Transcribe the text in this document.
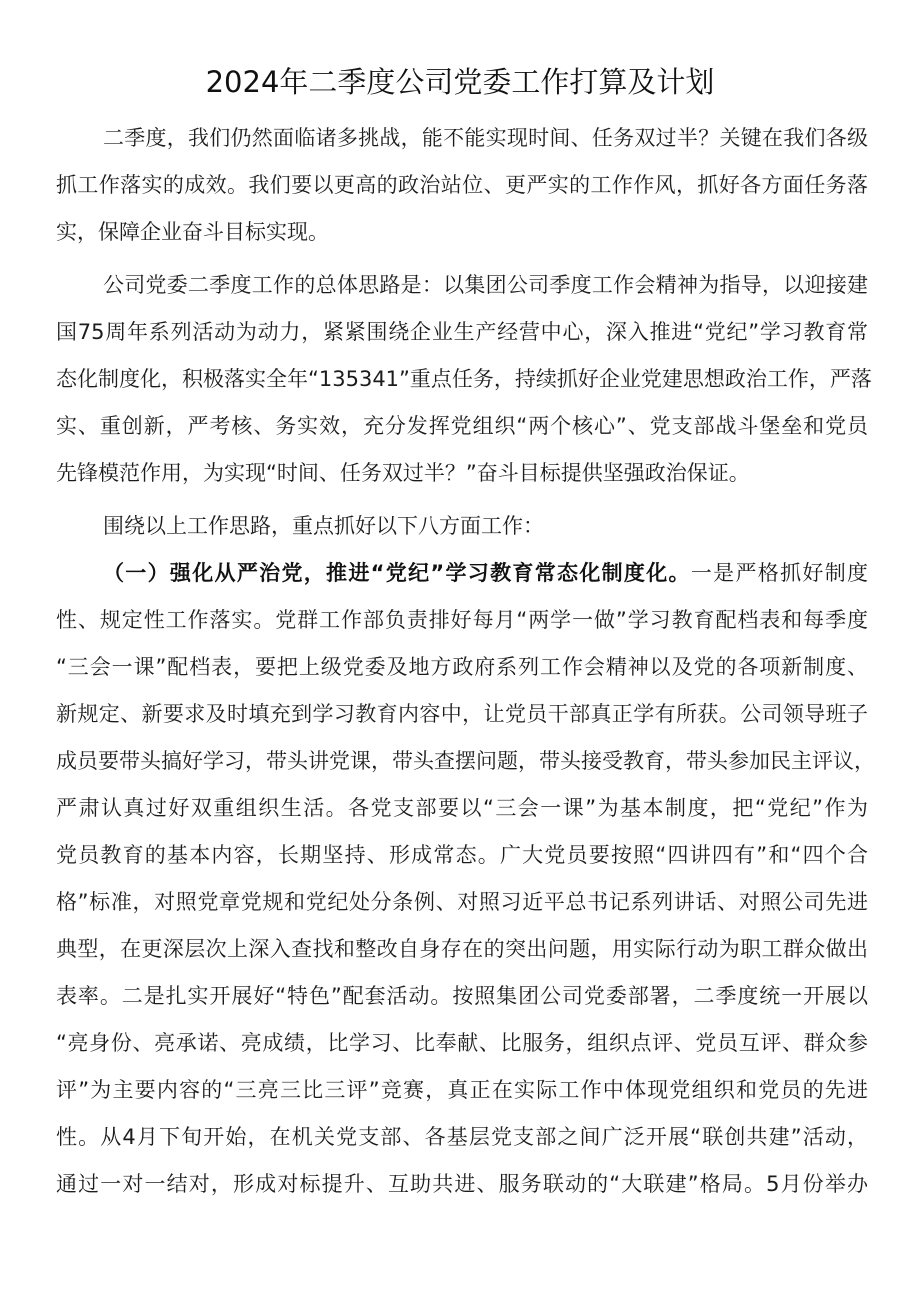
2024年二季度公司党委工作打算及计划
二季度，我们仍然面临诸多挑战，能不能实现时间、任务双过半？关键在我们各级
抓工作落实的成效。我们要以更高的政治站位、更严实的工作作风，抓好各方面任务落
实，保障企业奋斗目标实现。
公司党委二季度工作的总体思路是：以集团公司季度工作会精神为指导，以迎接建
国75周年系列活动为动力，紧紧围绕企业生产经营中心，深入推进“党纪”学习教育常
态化制度化，积极落实全年“135341”重点任务，持续抓好企业党建思想政治工作，严落
实、重创新，严考核、务实效，充分发挥党组织“两个核心”、党支部战斗堡垒和党员
先锋模范作用，为实现“时间、任务双过半？”奋斗目标提供坚强政治保证。
围绕以上工作思路，重点抓好以下八方面工作：
（一）强化从严治党，推进“党纪”学习教育常态化制度化。一是严格抓好制度
性、规定性工作落实。党群工作部负责排好每月“两学一做”学习教育配档表和每季度
“三会一课”配档表，要把上级党委及地方政府系列工作会精神以及党的各项新制度、
新规定、新要求及时填充到学习教育内容中，让党员干部真正学有所获。公司领导班子
成员要带头搞好学习，带头讲党课，带头查摆问题，带头接受教育，带头参加民主评议，
严肃认真过好双重组织生活。各党支部要以“三会一课”为基本制度，把“党纪”作为
党员教育的基本内容，长期坚持、形成常态。广大党员要按照“四讲四有”和“四个合
格”标准，对照党章党规和党纪处分条例、对照习近平总书记系列讲话、对照公司先进
典型，在更深层次上深入查找和整改自身存在的突出问题，用实际行动为职工群众做出
表率。二是扎实开展好“特色”配套活动。按照集团公司党委部署，二季度统一开展以
“亮身份、亮承诺、亮成绩，比学习、比奉献、比服务，组织点评、党员互评、群众参
评”为主要内容的“三亮三比三评”竞赛，真正在实际工作中体现党组织和党员的先进
性。从4月下旬开始，在机关党支部、各基层党支部之间广泛开展“联创共建”活动，
通过一对一结对，形成对标提升、互助共进、服务联动的“大联建”格局。5月份举办
